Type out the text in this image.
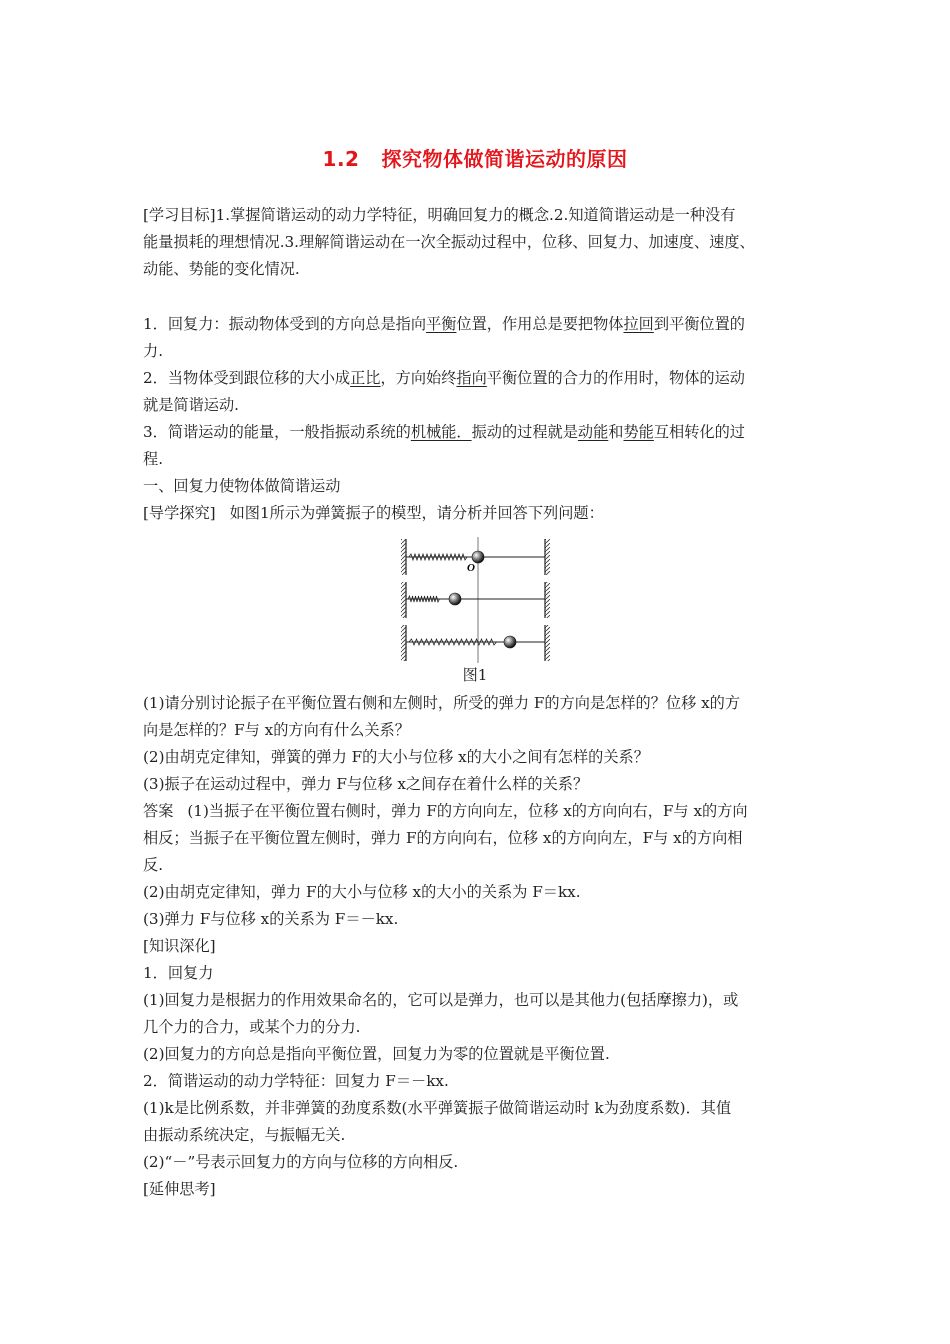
1.2 探究物体做简谐运动的原因
[学习目标]1.掌握简谐运动的动力学特征，明确回复力的概念.2.知道简谐运动是一种没有
能量损耗的理想情况.3.理解简谐运动在一次全振动过程中，位移、回复力、加速度、速度、
动能、势能的变化情况.
1．回复力：振动物体受到的方向总是指向平衡位置，作用总是要把物体拉回到平衡位置的
力.
2．当物体受到跟位移的大小成正比，方向始终指向平衡位置的合力的作用时，物体的运动
就是简谐运动.
3．简谐运动的能量，一般指振动系统的机械能．振动的过程就是动能和势能互相转化的过
程.
一、回复力使物体做简谐运动
[导学探究] 如图1所示为弹簧振子的模型，请分析并回答下列问题：
O
图1
(1)请分别讨论振子在平衡位置右侧和左侧时，所受的弹力 F的方向是怎样的？位移 x的方
向是怎样的？F与 x的方向有什么关系？
(2)由胡克定律知，弹簧的弹力 F的大小与位移 x的大小之间有怎样的关系？
(3)振子在运动过程中，弹力 F与位移 x之间存在着什么样的关系？
答案 (1)当振子在平衡位置右侧时，弹力 F的方向向左，位移 x的方向向右，F与 x的方向
相反；当振子在平衡位置左侧时，弹力 F的方向向右，位移 x的方向向左，F与 x的方向相
反.
(2)由胡克定律知，弹力 F的大小与位移 x的大小的关系为 F＝kx.
(3)弹力 F与位移 x的关系为 F＝－kx.
[知识深化]
1．回复力
(1)回复力是根据力的作用效果命名的，它可以是弹力，也可以是其他力(包括摩擦力)，或
几个力的合力，或某个力的分力.
(2)回复力的方向总是指向平衡位置，回复力为零的位置就是平衡位置.
2．简谐运动的动力学特征：回复力 F＝－kx.
(1)k是比例系数，并非弹簧的劲度系数(水平弹簧振子做简谐运动时 k为劲度系数)．其值
由振动系统决定，与振幅无关.
(2)“－”号表示回复力的方向与位移的方向相反.
[延伸思考]
